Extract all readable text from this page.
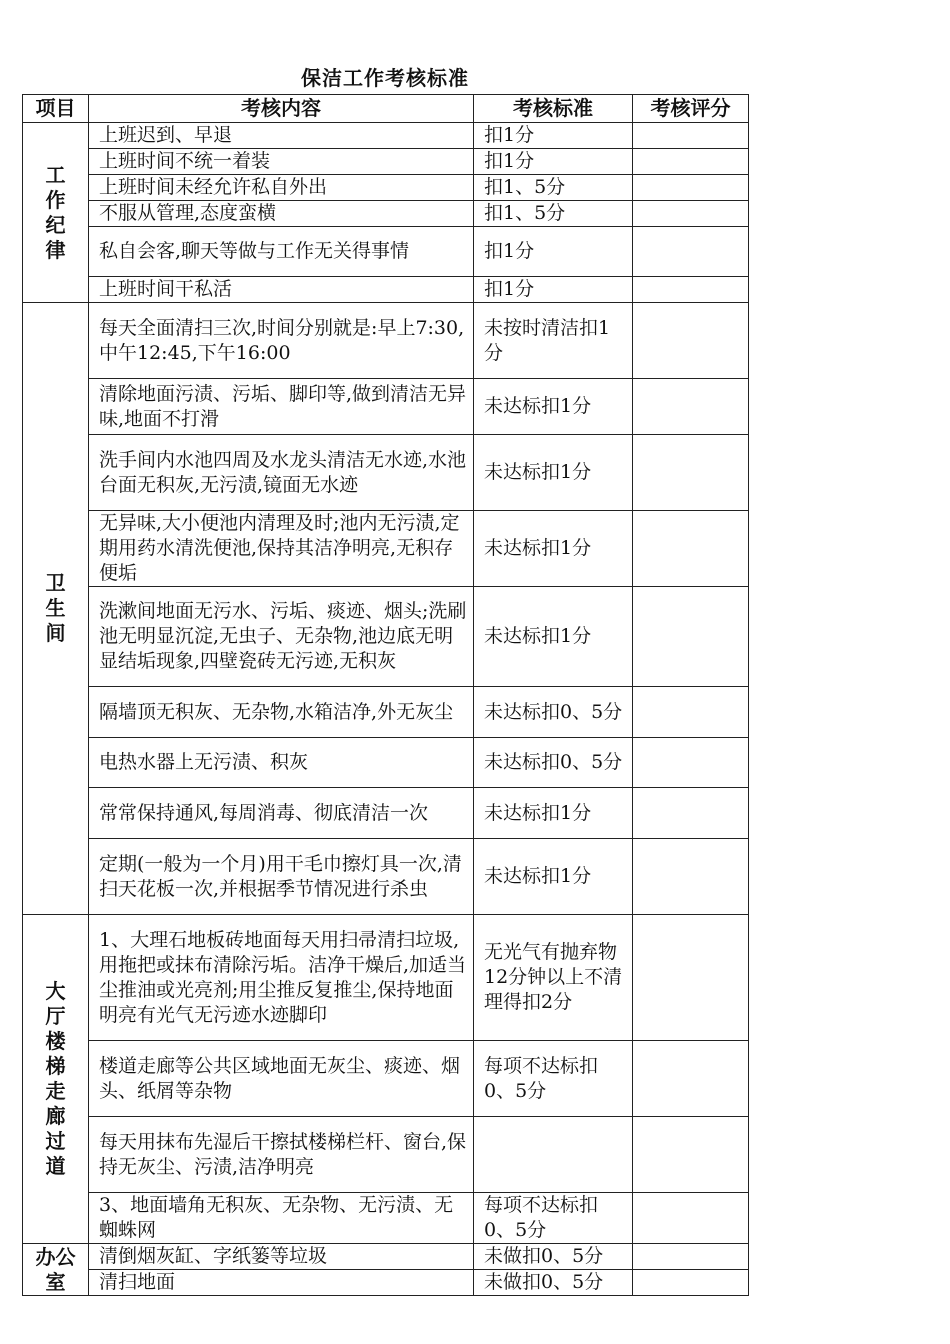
保洁工作考核标准
项目	考核内容	考核标准	考核评分
工作纪律	上班迟到、早退	扣1分	
	上班时间不统一着装	扣1分	
	上班时间未经允许私自外出	扣1、5分	
	不服从管理,态度蛮横	扣1、5分	
	私自会客,聊天等做与工作无关得事情	扣1分	
	上班时间干私活	扣1分	
卫生间	每天全面清扫三次,时间分别就是:早上7:30,中午12:45,下午16:00	未按时清洁扣1分	
	清除地面污渍、污垢、脚印等,做到清洁无异味,地面不打滑	未达标扣1分	
	洗手间内水池四周及水龙头清洁无水迹,水池台面无积灰,无污渍,镜面无水迹	未达标扣1分	
	无异味,大小便池内清理及时;池内无污渍,定期用药水清洗便池,保持其洁净明亮,无积存便垢	未达标扣1分	
	洗漱间地面无污水、污垢、痰迹、烟头;洗刷池无明显沉淀,无虫子、无杂物,池边底无明显结垢现象,四壁瓷砖无污迹,无积灰	未达标扣1分	
	隔墙顶无积灰、无杂物,水箱洁净,外无灰尘	未达标扣0、5分	
	电热水器上无污渍、积灰	未达标扣0、5分	
	常常保持通风,每周消毒、彻底清洁一次	未达标扣1分	
	定期(一般为一个月)用干毛巾擦灯具一次,清扫天花板一次,并根据季节情况进行杀虫	未达标扣1分	
大厅 楼梯 走廊 过道	1、大理石地板砖地面每天用扫帚清扫垃圾,用拖把或抹布清除污垢。洁净干燥后,加适当尘推油或光亮剂;用尘推反复推尘,保持地面明亮有光气无污迹水迹脚印	无光气有抛弃物12分钟以上不清理得扣2分	
	楼道走廊等公共区域地面无灰尘、痰迹、烟头、纸屑等杂物	每项不达标扣0、5分	
	每天用抹布先湿后干擦拭楼梯栏杆、窗台,保持无灰尘、污渍,洁净明亮		
	3、地面墙角无积灰、无杂物、无污渍、无蜘蛛网	每项不达标扣0、5分	
办公室	清倒烟灰缸、字纸篓等垃圾	未做扣0、5分	
	清扫地面	未做扣0、5分	
